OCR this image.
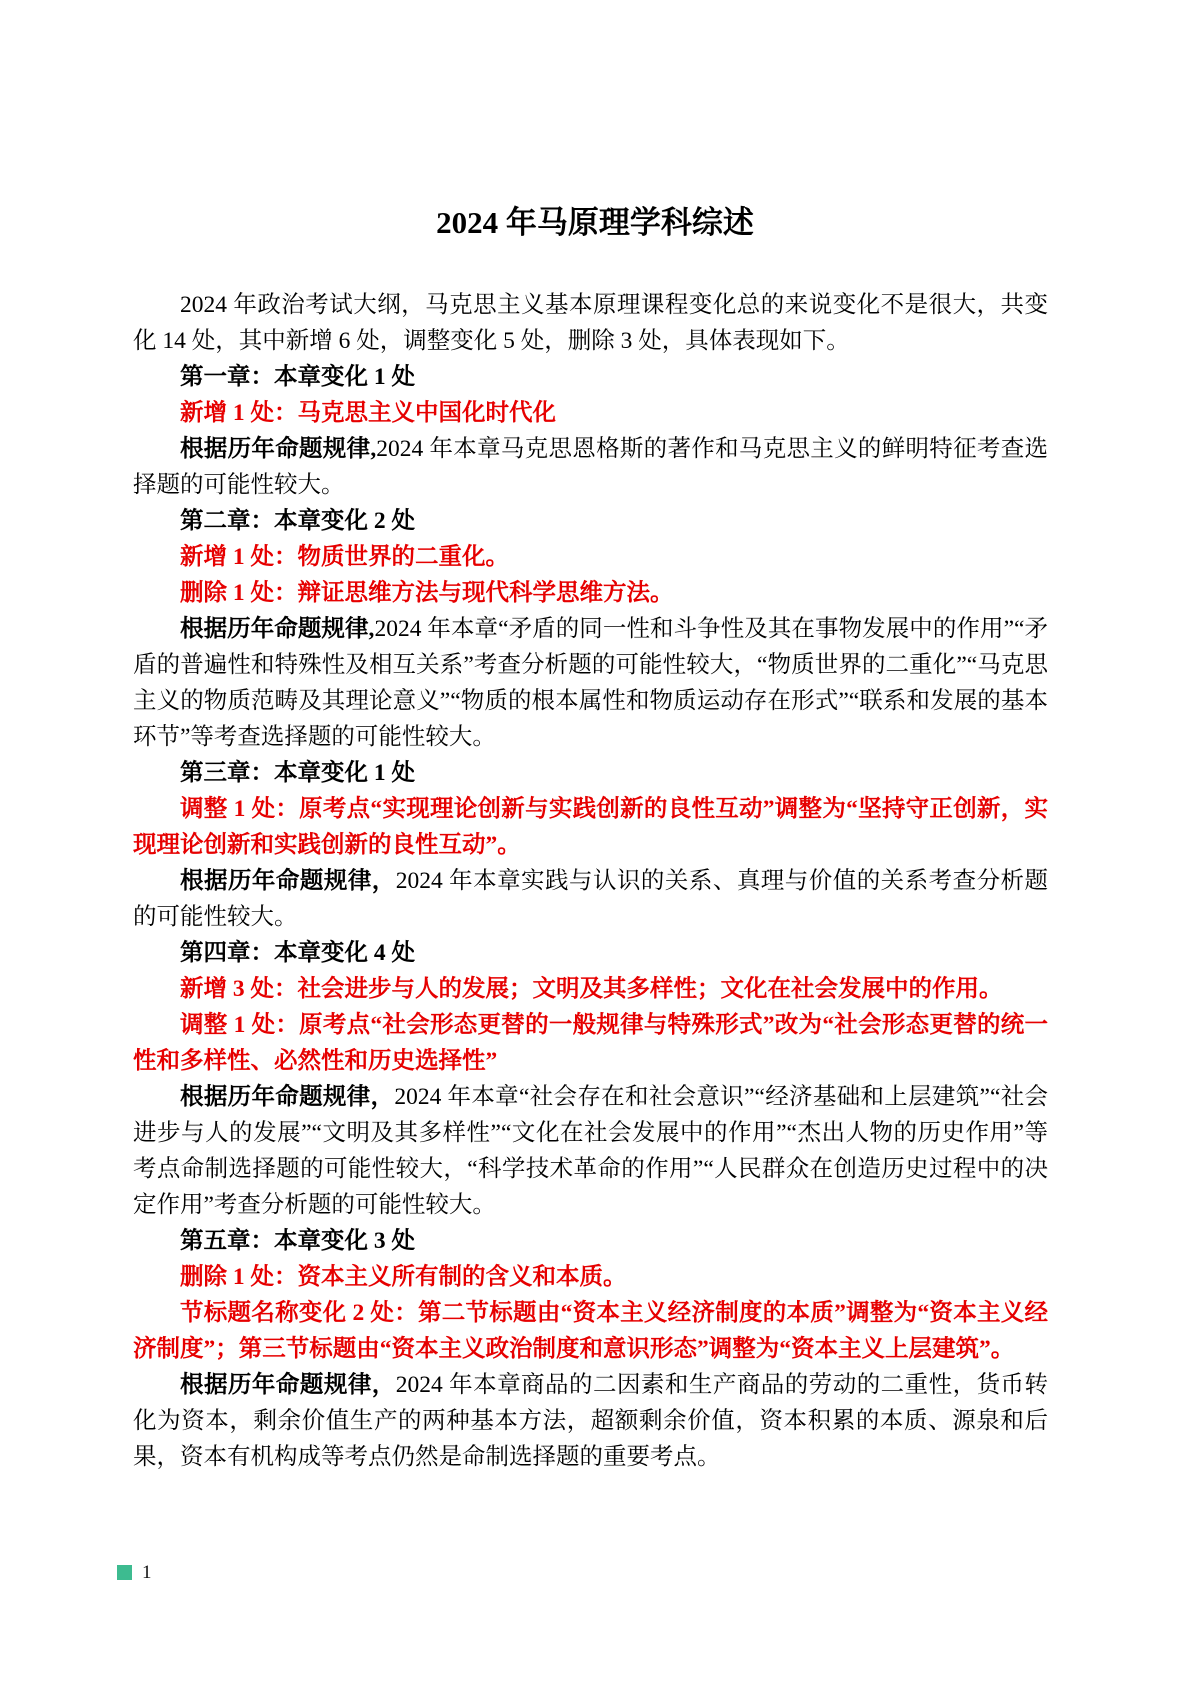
2024 年马原理学科综述

2024 年政治考试大纲，马克思主义基本原理课程变化总的来说变化不是很大，共变化 14 处，其中新增 6 处，调整变化 5 处，删除 3 处，具体表现如下。

第一章：本章变化 1 处

新增 1 处：马克思主义中国化时代化

根据历年命题规律,2024 年本章马克思恩格斯的著作和马克思主义的鲜明特征考查选择题的可能性较大。

第二章：本章变化 2 处

新增 1 处：物质世界的二重化。

删除 1 处：辩证思维方法与现代科学思维方法。

根据历年命题规律,2024 年本章“矛盾的同一性和斗争性及其在事物发展中的作用”“矛盾的普遍性和特殊性及相互关系”考查分析题的可能性较大，“物质世界的二重化”“马克思主义的物质范畴及其理论意义”“物质的根本属性和物质运动存在形式”“联系和发展的基本环节”等考查选择题的可能性较大。

第三章：本章变化 1 处

调整 1 处：原考点“实现理论创新与实践创新的良性互动”调整为“坚持守正创新，实现理论创新和实践创新的良性互动”。

根据历年命题规律，2024 年本章实践与认识的关系、真理与价值的关系考查分析题的可能性较大。

第四章：本章变化 4 处

新增 3 处：社会进步与人的发展；文明及其多样性；文化在社会发展中的作用。

调整 1 处：原考点“社会形态更替的一般规律与特殊形式”改为“社会形态更替的统一性和多样性、必然性和历史选择性”

根据历年命题规律，2024 年本章“社会存在和社会意识”“经济基础和上层建筑”“社会进步与人的发展”“文明及其多样性”“文化在社会发展中的作用”“杰出人物的历史作用”等考点命制选择题的可能性较大，“科学技术革命的作用”“人民群众在创造历史过程中的决定作用”考查分析题的可能性较大。

第五章：本章变化 3 处

删除 1 处：资本主义所有制的含义和本质。

节标题名称变化 2 处：第二节标题由“资本主义经济制度的本质”调整为“资本主义经济制度”；第三节标题由“资本主义政治制度和意识形态”调整为“资本主义上层建筑”。

根据历年命题规律，2024 年本章商品的二因素和生产商品的劳动的二重性，货币转化为资本，剩余价值生产的两种基本方法，超额剩余价值，资本积累的本质、源泉和后果，资本有机构成等考点仍然是命制选择题的重要考点。

1
